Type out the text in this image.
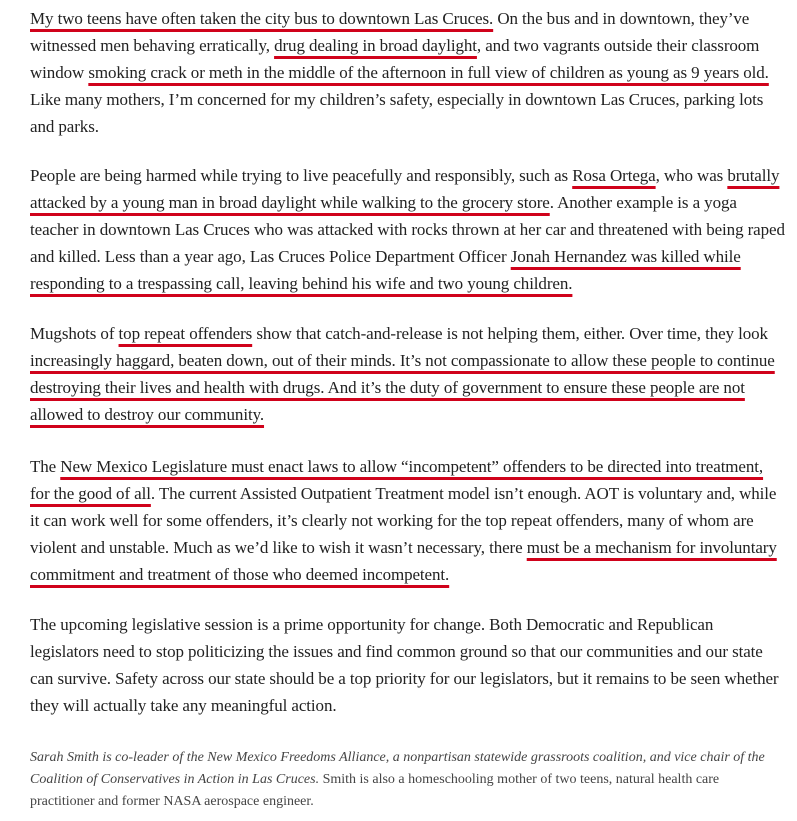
My two teens have often taken the city bus to downtown Las Cruces. On the bus and in downtown, they’ve witnessed men behaving erratically, drug dealing in broad daylight, and two vagrants outside their classroom window smoking crack or meth in the middle of the afternoon in full view of children as young as 9 years old. Like many mothers, I’m concerned for my children’s safety, especially in downtown Las Cruces, parking lots and parks.

People are being harmed while trying to live peacefully and responsibly, such as Rosa Ortega, who was brutally attacked by a young man in broad daylight while walking to the grocery store. Another example is a yoga teacher in downtown Las Cruces who was attacked with rocks thrown at her car and threatened with being raped and killed. Less than a year ago, Las Cruces Police Department Officer Jonah Hernandez was killed while responding to a trespassing call, leaving behind his wife and two young children.

Mugshots of top repeat offenders show that catch-and-release is not helping them, either. Over time, they look increasingly haggard, beaten down, out of their minds. It’s not compassionate to allow these people to continue destroying their lives and health with drugs. And it’s the duty of government to ensure these people are not allowed to destroy our community.

The New Mexico Legislature must enact laws to allow “incompetent” offenders to be directed into treatment, for the good of all. The current Assisted Outpatient Treatment model isn’t enough. AOT is voluntary and, while it can work well for some offenders, it’s clearly not working for the top repeat offenders, many of whom are violent and unstable. Much as we’d like to wish it wasn’t necessary, there must be a mechanism for involuntary commitment and treatment of those who deemed incompetent.

The upcoming legislative session is a prime opportunity for change. Both Democratic and Republican legislators need to stop politicizing the issues and find common ground so that our communities and our state can survive. Safety across our state should be a top priority for our legislators, but it remains to be seen whether they will actually take any meaningful action.

Sarah Smith is co-leader of the New Mexico Freedoms Alliance, a nonpartisan statewide grassroots coalition, and vice chair of the Coalition of Conservatives in Action in Las Cruces. Smith is also a homeschooling mother of two teens, natural health care practitioner and former NASA aerospace engineer.
